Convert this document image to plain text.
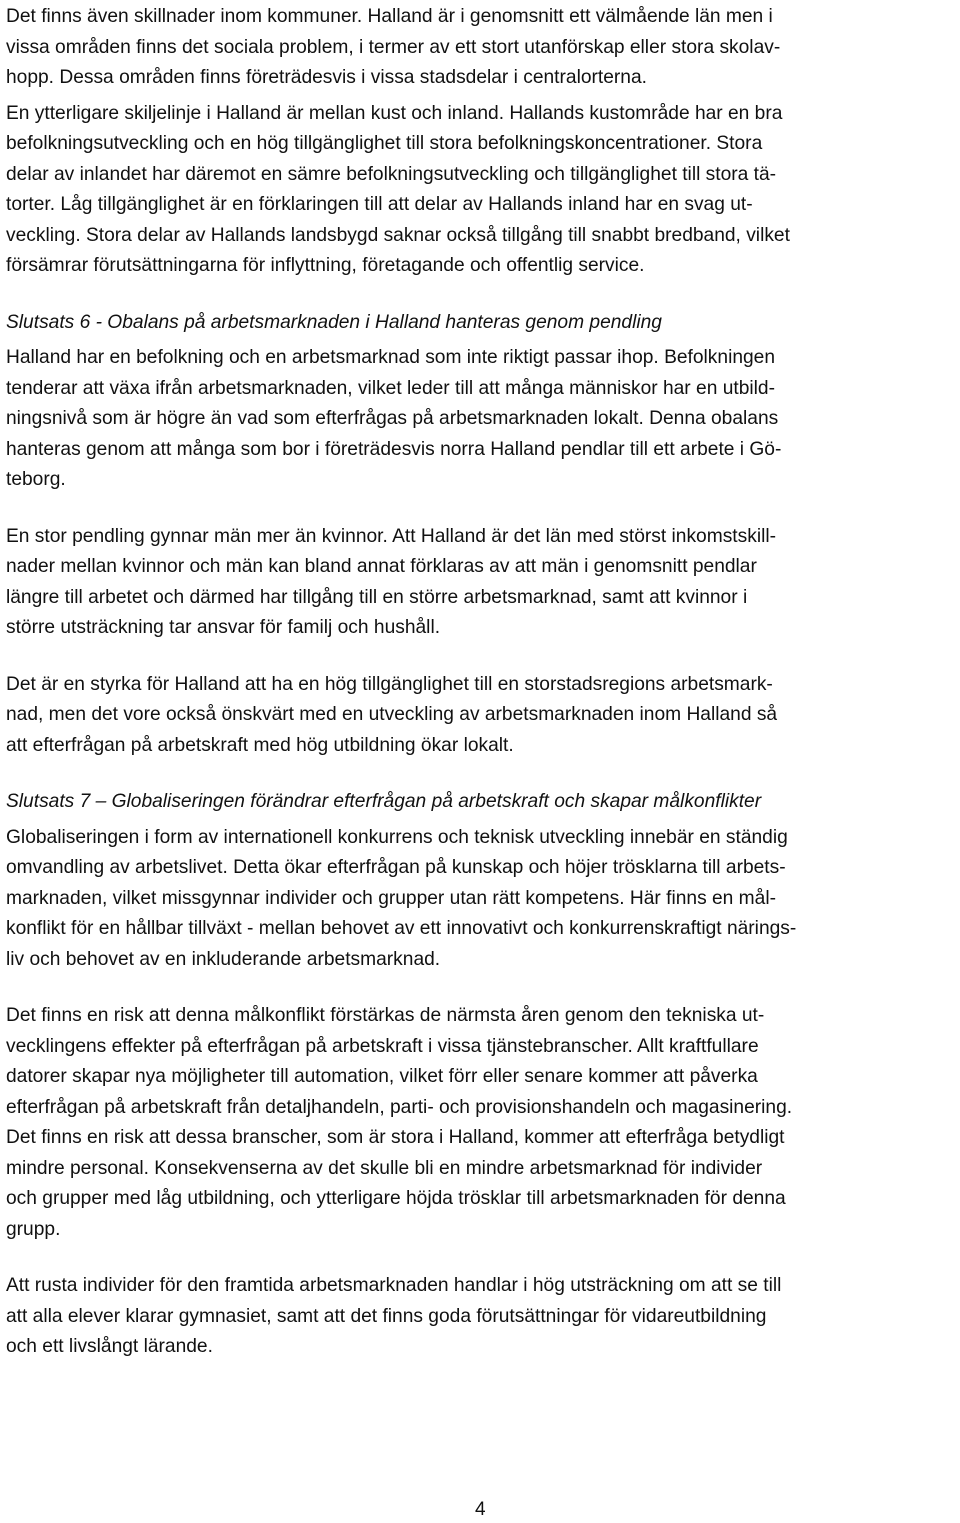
Det finns även skillnader inom kommuner. Halland är i genomsnitt ett välmående län men i
vissa områden finns det sociala problem, i termer av ett stort utanförskap eller stora skolav-
hopp. Dessa områden finns företrädesvis i vissa stadsdelar i centralorterna.
En ytterligare skiljelinje i Halland är mellan kust och inland. Hallands kustområde har en bra
befolkningsutveckling och en hög tillgänglighet till stora befolkningskoncentrationer. Stora
delar av inlandet har däremot en sämre befolkningsutveckling och tillgänglighet till stora tä-
torter. Låg tillgänglighet är en förklaringen till att delar av Hallands inland har en svag ut-
veckling. Stora delar av Hallands landsbygd saknar också tillgång till snabbt bredband, vilket
försämrar förutsättningarna för inflyttning, företagande och offentlig service.
Slutsats 6 - Obalans på arbetsmarknaden i Halland hanteras genom pendling
Halland har en befolkning och en arbetsmarknad som inte riktigt passar ihop. Befolkningen
tenderar att växa ifrån arbetsmarknaden, vilket leder till att många människor har en utbild-
ningsnivå som är högre än vad som efterfrågas på arbetsmarknaden lokalt. Denna obalans
hanteras genom att många som bor i företrädesvis norra Halland pendlar till ett arbete i Gö-
teborg.
En stor pendling gynnar män mer än kvinnor. Att Halland är det län med störst inkomstskill-
nader mellan kvinnor och män kan bland annat förklaras av att män i genomsnitt pendlar
längre till arbetet och därmed har tillgång till en större arbetsmarknad, samt att kvinnor i
större utsträckning tar ansvar för familj och hushåll.
Det är en styrka för Halland att ha en hög tillgänglighet till en storstadsregions arbetsmark-
nad, men det vore också önskvärt med en utveckling av arbetsmarknaden inom Halland så
att efterfrågan på arbetskraft med hög utbildning ökar lokalt.
Slutsats 7 – Globaliseringen förändrar efterfrågan på arbetskraft och skapar målkonflikter
Globaliseringen i form av internationell konkurrens och teknisk utveckling innebär en ständig
omvandling av arbetslivet. Detta ökar efterfrågan på kunskap och höjer trösklarna till arbets-
marknaden, vilket missgynnar individer och grupper utan rätt kompetens. Här finns en mål-
konflikt för en hållbar tillväxt - mellan behovet av ett innovativt och konkurrenskraftigt närings-
liv och behovet av en inkluderande arbetsmarknad.
Det finns en risk att denna målkonflikt förstärkas de närmsta åren genom den tekniska ut-
vecklingens effekter på efterfrågan på arbetskraft i vissa tjänstebranscher. Allt kraftfullare
datorer skapar nya möjligheter till automation, vilket förr eller senare kommer att påverka
efterfrågan på arbetskraft från detaljhandeln, parti- och provisionshandeln och magasinering.
Det finns en risk att dessa branscher, som är stora i Halland, kommer att efterfråga betydligt
mindre personal. Konsekvenserna av det skulle bli en mindre arbetsmarknad för individer
och grupper med låg utbildning, och ytterligare höjda trösklar till arbetsmarknaden för denna
grupp.
Att rusta individer för den framtida arbetsmarknaden handlar i hög utsträckning om att se till
att alla elever klarar gymnasiet, samt att det finns goda förutsättningar för vidareutbildning
och ett livslångt lärande.
4
